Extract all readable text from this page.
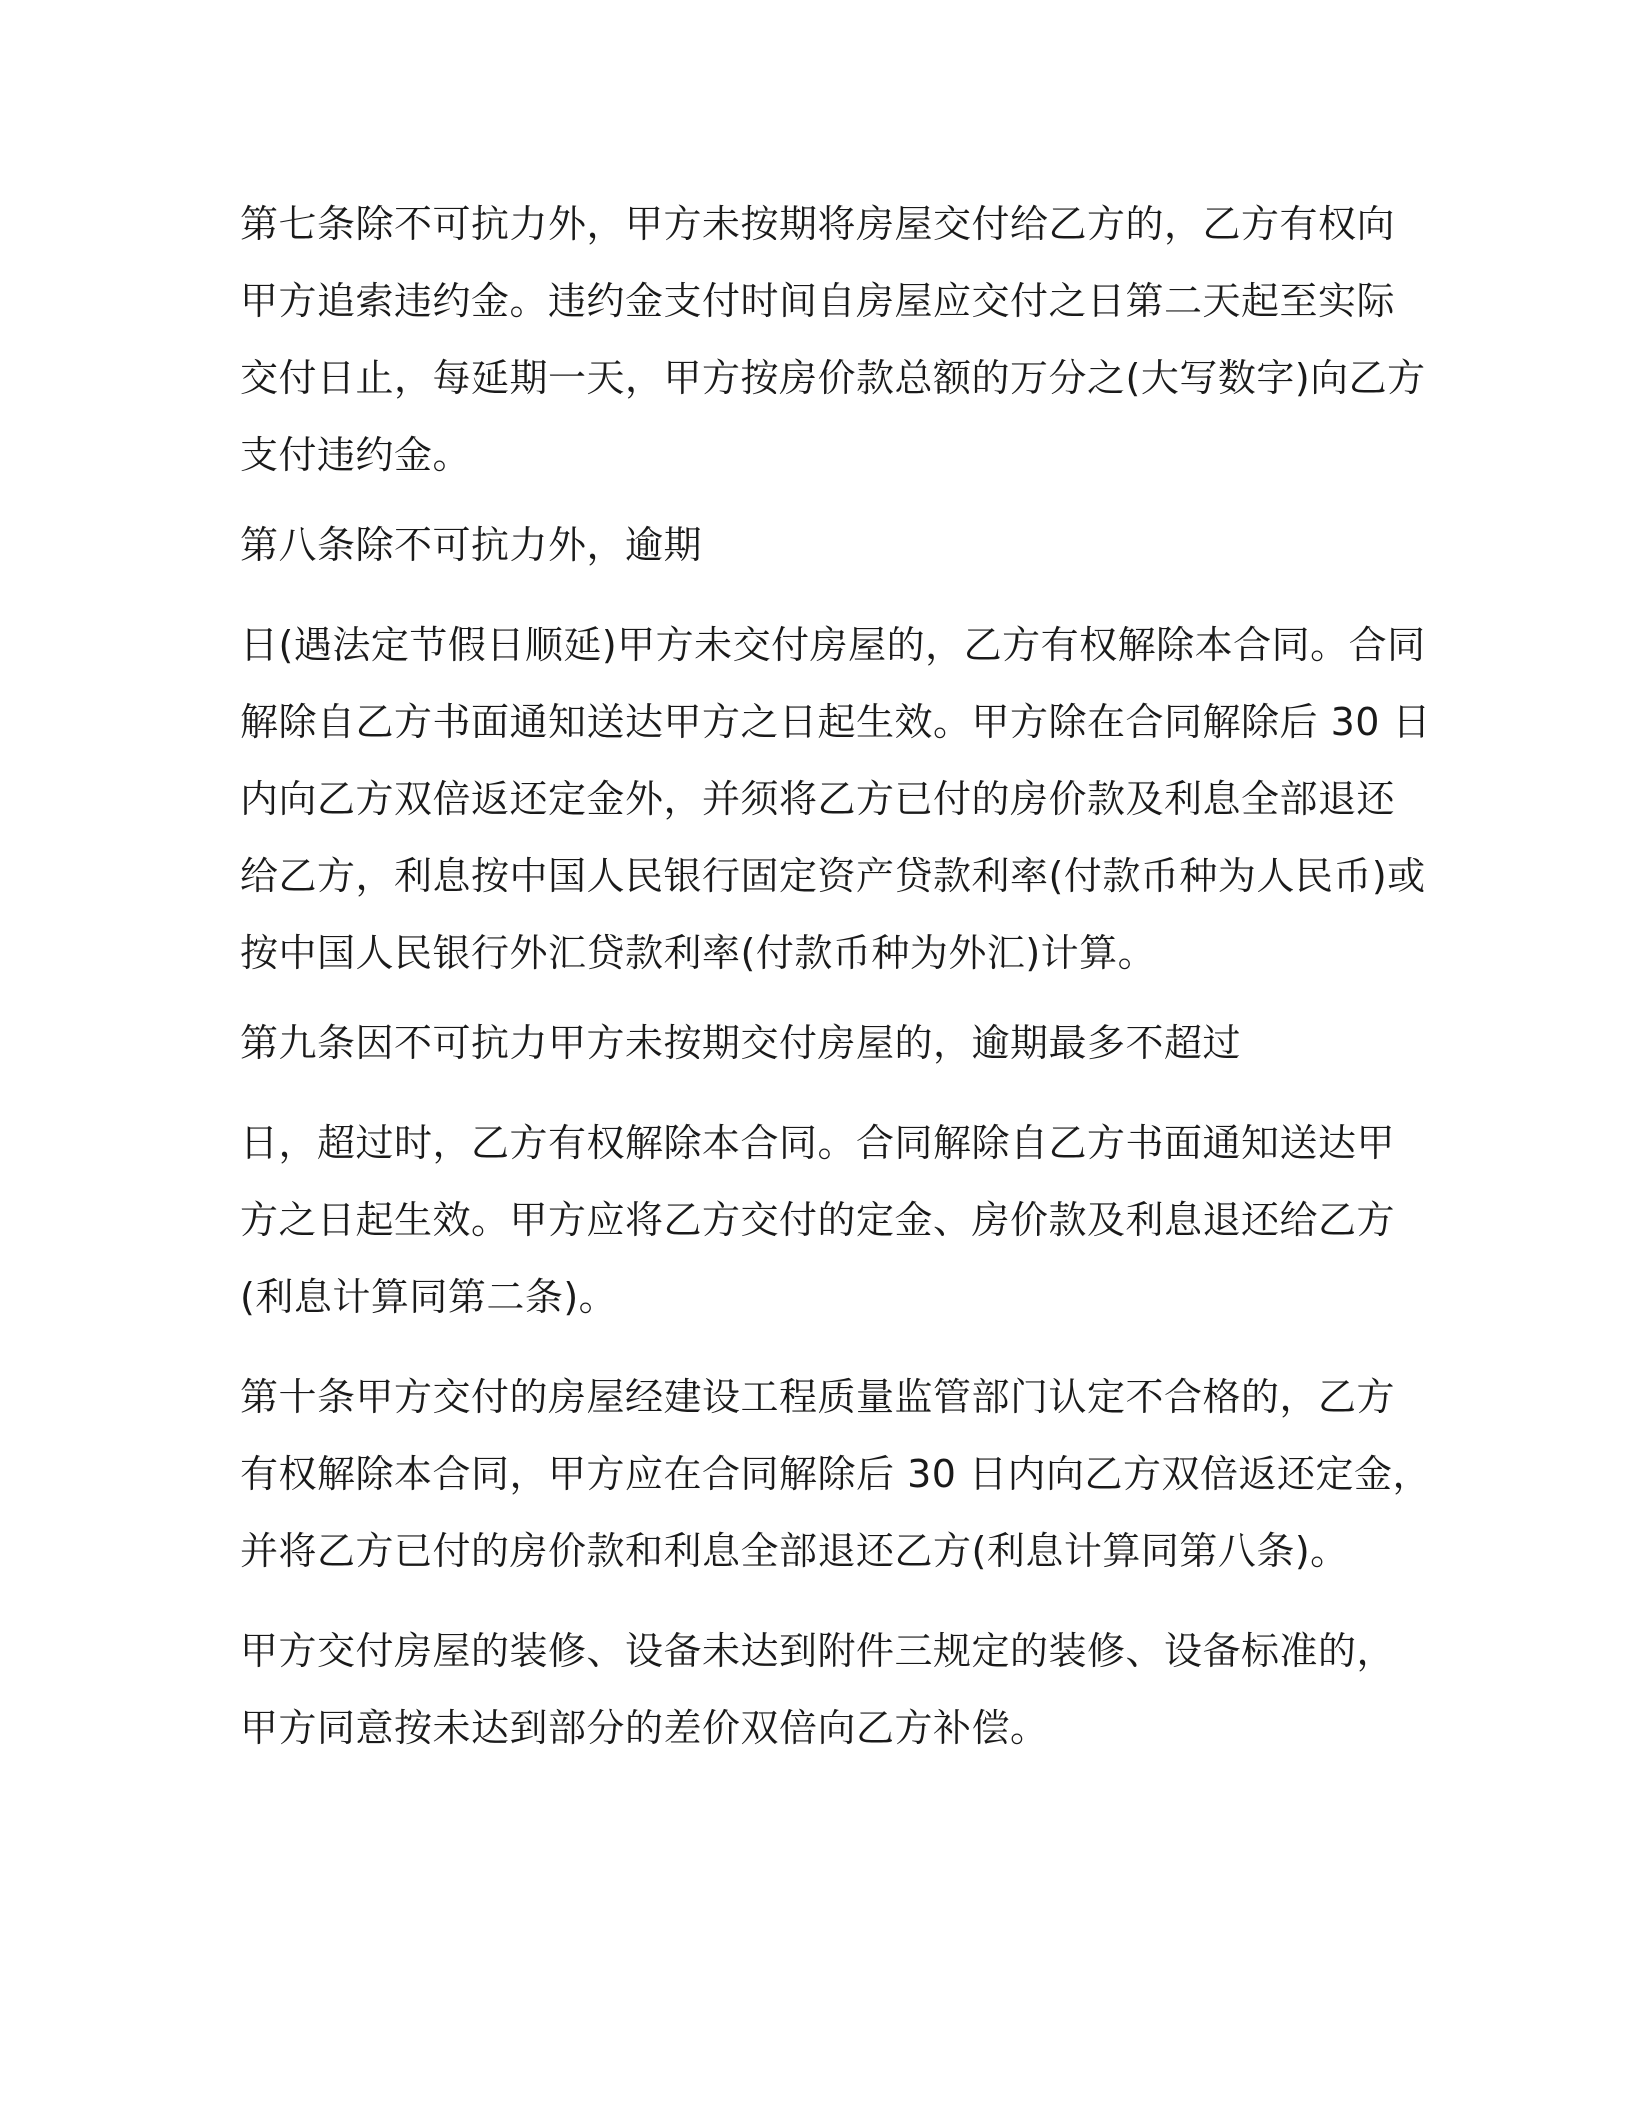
第七条除不可抗力外，甲方未按期将房屋交付给乙方的，乙方有权向
甲方追索违约金。违约金支付时间自房屋应交付之日第二天起至实际
交付日止，每延期一天，甲方按房价款总额的万分之(大写数字)向乙方
支付违约金。

第八条除不可抗力外，逾期

日(遇法定节假日顺延)甲方未交付房屋的，乙方有权解除本合同。合同
解除自乙方书面通知送达甲方之日起生效。甲方除在合同解除后 30 日
内向乙方双倍返还定金外，并须将乙方已付的房价款及利息全部退还
给乙方，利息按中国人民银行固定资产贷款利率(付款币种为人民币)或
按中国人民银行外汇贷款利率(付款币种为外汇)计算。

第九条因不可抗力甲方未按期交付房屋的，逾期最多不超过

日，超过时，乙方有权解除本合同。合同解除自乙方书面通知送达甲
方之日起生效。甲方应将乙方交付的定金、房价款及利息退还给乙方
(利息计算同第二条)。

第十条甲方交付的房屋经建设工程质量监管部门认定不合格的，乙方
有权解除本合同，甲方应在合同解除后 30 日内向乙方双倍返还定金，
并将乙方已付的房价款和利息全部退还乙方(利息计算同第八条)。

甲方交付房屋的装修、设备未达到附件三规定的装修、设备标准的，
甲方同意按未达到部分的差价双倍向乙方补偿。
